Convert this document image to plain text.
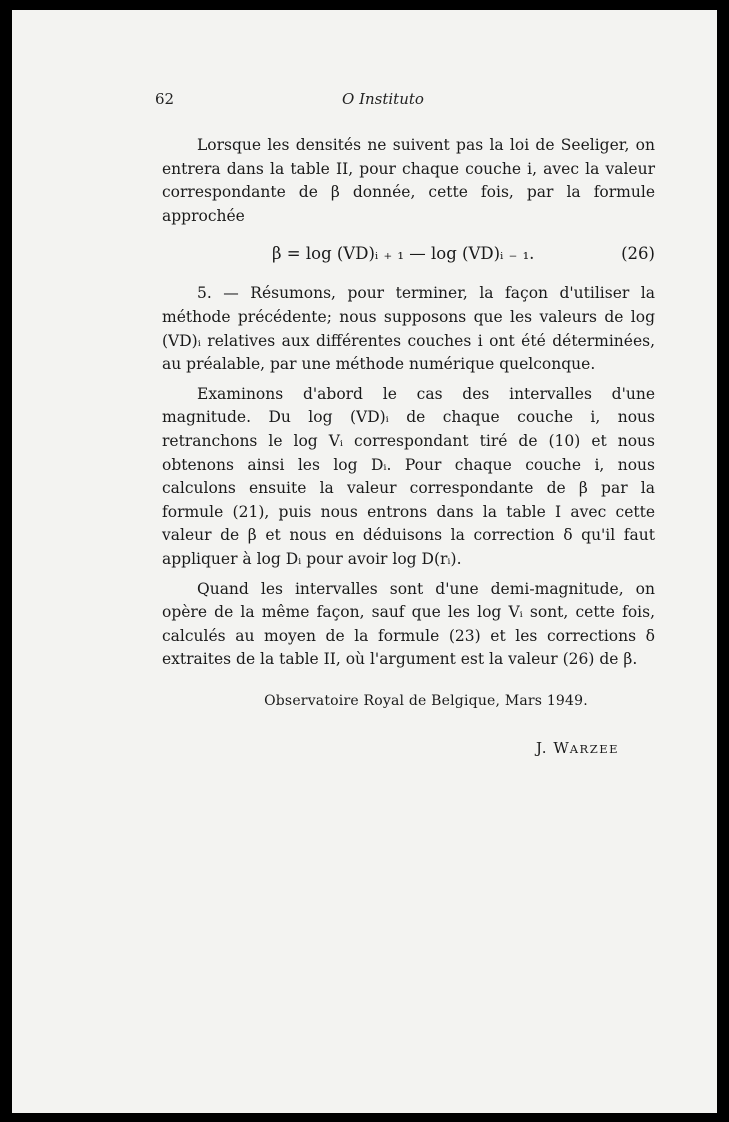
62	O Instituto

Lorsque les densités ne suivent pas la loi de Seeliger, on entrera dans la table II, pour chaque couche i, avec la valeur correspondante de β donnée, cette fois, par la formule approchée

β = log (VD)ᵢ ₊ ₁ — log (VD)ᵢ ₋ ₁.	(26)

5. — Résumons, pour terminer, la façon d'utiliser la méthode précédente; nous supposons que les valeurs de log (VD)ᵢ relatives aux différentes couches i ont été déterminées, au préalable, par une méthode numérique quelconque.

Examinons d'abord le cas des intervalles d'une magnitude. Du log (VD)ᵢ de chaque couche i, nous retranchons le log Vᵢ correspondant tiré de (10) et nous obtenons ainsi les log Dᵢ. Pour chaque couche i, nous calculons ensuite la valeur correspondante de β par la formule (21), puis nous entrons dans la table I avec cette valeur de β et nous en déduisons la correction δ qu'il faut appliquer à log Dᵢ pour avoir log D(rᵢ).

Quand les intervalles sont d'une demi-magnitude, on opère de la même façon, sauf que les log Vᵢ sont, cette fois, calculés au moyen de la formule (23) et les corrections δ extraites de la table II, où l'argument est la valeur (26) de β.

Observatoire Royal de Belgique, Mars 1949.

J. WARZEE
